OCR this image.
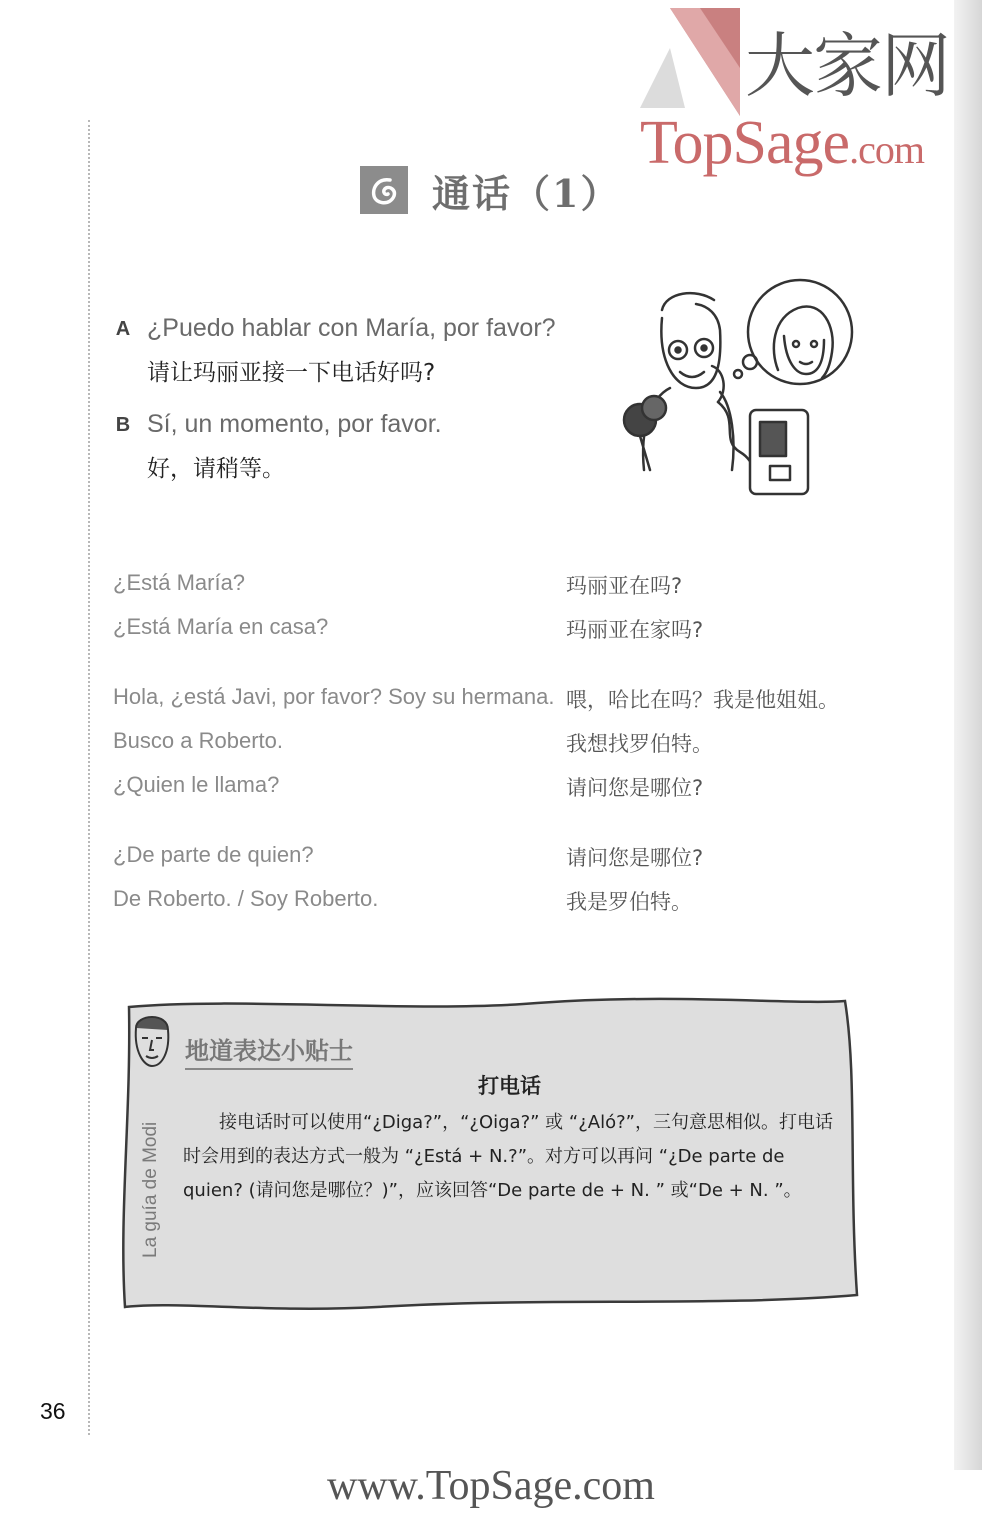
大家网
TopSage.com
通话（1）
A ¿Puedo hablar con María, por favor?
请让玛丽亚接一下电话好吗?
B Sí, un momento, por favor.
好，请稍等。
¿Está María?	玛丽亚在吗?
¿Está María en casa?	玛丽亚在家吗?
Hola, ¿está Javi, por favor? Soy su hermana. 喂，哈比在吗？我是他姐姐。
Busco a Roberto.	我想找罗伯特。
¿Quien le llama?	请问您是哪位?
¿De parte de quien?	请问您是哪位?
De Roberto. / Soy Roberto.	我是罗伯特。
地道表达小贴士
打电话
接电话时可以使用“¿Diga?”，“¿Oiga?” 或 “¿Aló?”，三句意思相似。打电话时会用到的表达方式一般为 “¿Está + N.?”。对方可以再问 “¿De parte de quien? (请问您是哪位？)”，应该回答“De parte de + N. ” 或“De + N. ”。
La guía de Modi
36
www.TopSage.com
